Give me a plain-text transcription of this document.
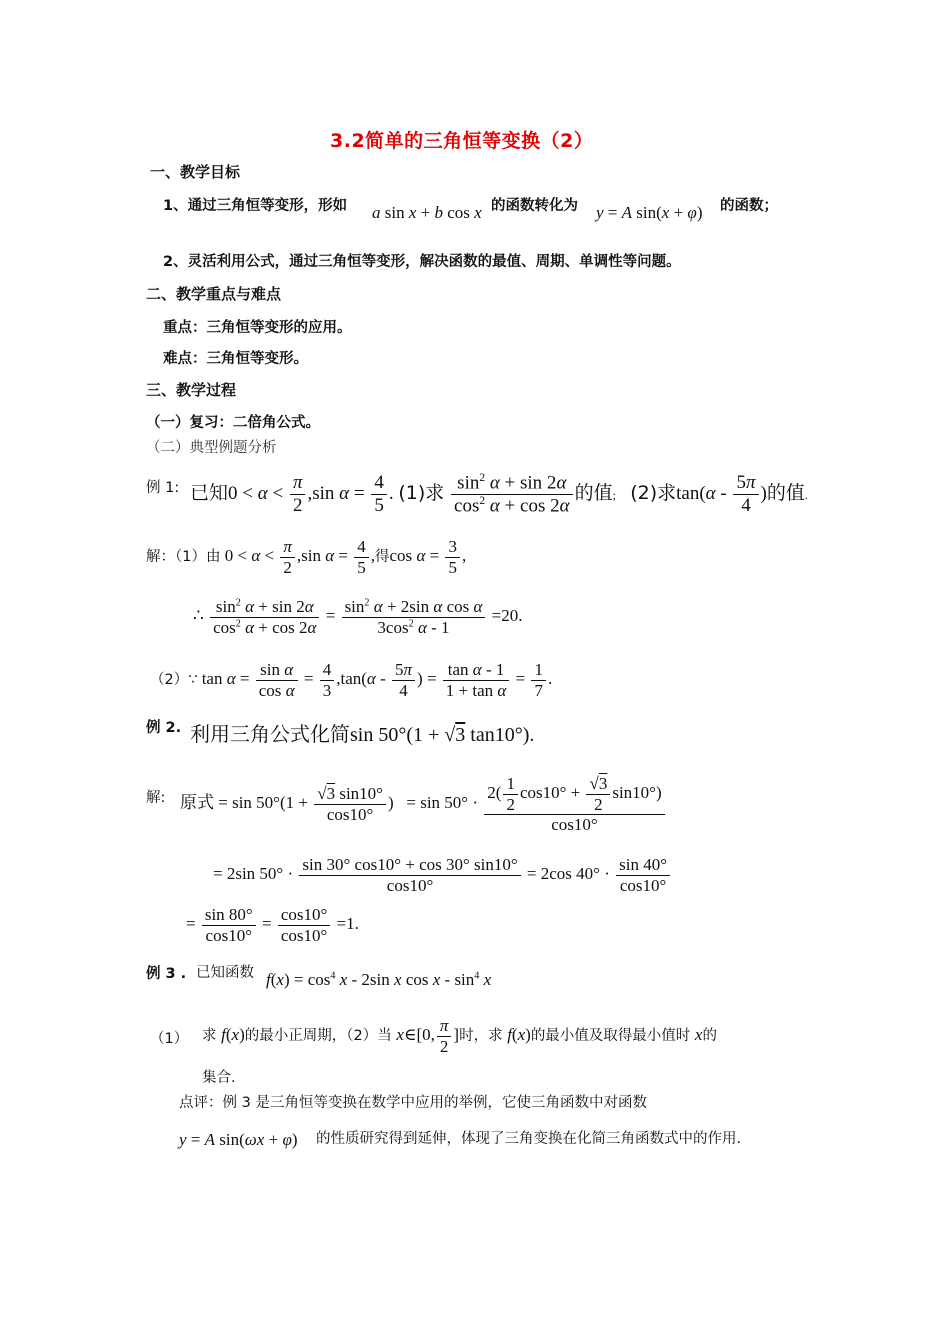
3.2简单的三角恒等变换（2）
一、教学目标
1、通过三角恒等变形，形如 a sin x + b cos x 的函数转化为 y = A sin(x + φ) 的函数；
2、灵活利用公式，通过三角恒等变形，解决函数的最值、周期、单调性等问题。
二、教学重点与难点
重点：三角恒等变形的应用。
难点：三角恒等变形。
三、教学过程
（一）复习：二倍角公式。
（二）典型例题分析
例 1: 已知$0 < \alpha < \frac{\pi}{2} ,\sin$ $\alpha = \frac{4}{5}$ . (1)求 $\frac{\sin^2 \alpha + \sin 2\alpha}{\cos^2 \alpha + \cos 2\alpha}$ 的值; (2)求$\tan(\alpha - \frac{5\pi}{4}$ )的值.
解：（1）由 $0 < \alpha < \frac{\pi}{2} ,\sin$ $\alpha = \frac{4}{5}$ ,得$\cos \alpha = \frac{3}{5}$ ,
∴ $\frac{\sin^2 \alpha + \sin 2\alpha}{\cos^2 \alpha + \cos 2\alpha} = \frac{\sin^2 \alpha + 2\sin \alpha \cos \alpha}{3\cos^2 \alpha - 1} =20$.
（2）∵ $\tan \alpha = \frac{\text{sin α}}{\text{cos α}} = \frac{4}{3} ,\tan(\alpha - \frac{5\pi}{4}$ ) = $\frac{\text{tan α - 1}}{\text{1 + tan α}} = \frac{1}{7}$ .
例 2. 利用三角公式化简sin 50°(1 + √3 tan10°).
解: 原式 = $\sin 50^\circ(1 + \frac{√3 \sin 10^\circ}{\cos 10^\circ}$ )   = $\sin 50^\circ \cdot \frac{2( \frac{1}{2} \cos 10^\circ + \frac{√3}{2} \sin 10^\circ)}{\cos 10^\circ}$
= 2sin $50^\circ \cdot \frac{\sin 30^\circ \cos 10^\circ + \cos 30^\circ \sin 10^\circ}{\cos 10^\circ} = 2\cos$ $40^\circ \cdot \frac{\sin 40^\circ}{\cos 10^\circ}$
= $\frac{\sin 80^\circ}{\cos 10^\circ} = \frac{\cos 10^\circ}{\cos 10^\circ} =1$.
例 3 . 已知函数 $f(x) = \cos^4 x - 2\sin$ x cos x - $\sin^4 x$
（1） 求 f(x)的最小正周期，（2）当 x∈[0, $\frac{\pi}{2}$ ]时，求 f(x)的最小值及取得最小值时 x的
集合.
点评：例 3 是三角恒等变换在数学中应用的举例，它使三角函数中对函数
y = A sin(ωx + φ) 的性质研究得到延伸，体现了三角变换在化简三角函数式中的作用.
